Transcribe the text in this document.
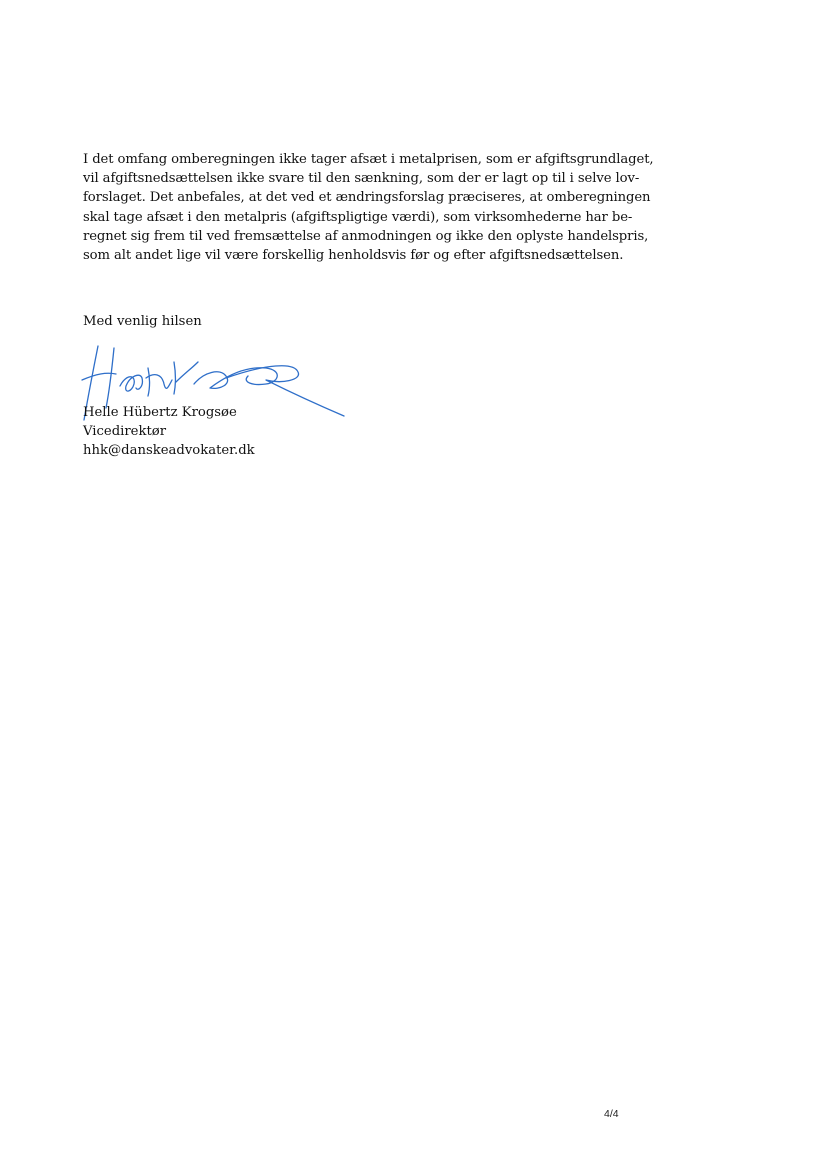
I det omfang omberegningen ikke tager afsæt i metalprisen, som er afgiftsgrundlaget,
vil afgiftsnedsættelsen ikke svare til den sænkning, som der er lagt op til i selve lov-
forslaget. Det anbefales, at det ved et ændringsforslag præciseres, at omberegningen
skal tage afsæt i den metalpris (afgiftspligtige værdi), som virksomhederne har be-
regnet sig frem til ved fremsættelse af anmodningen og ikke den oplyste handelspris,
som alt andet lige vil være forskellig henholdsvis før og efter afgiftsnedsættelsen.
Med venlig hilsen
Helle Hübertz Krogsøe
Vicedirektør
hhk@danskeadvokater.dk
4/4
